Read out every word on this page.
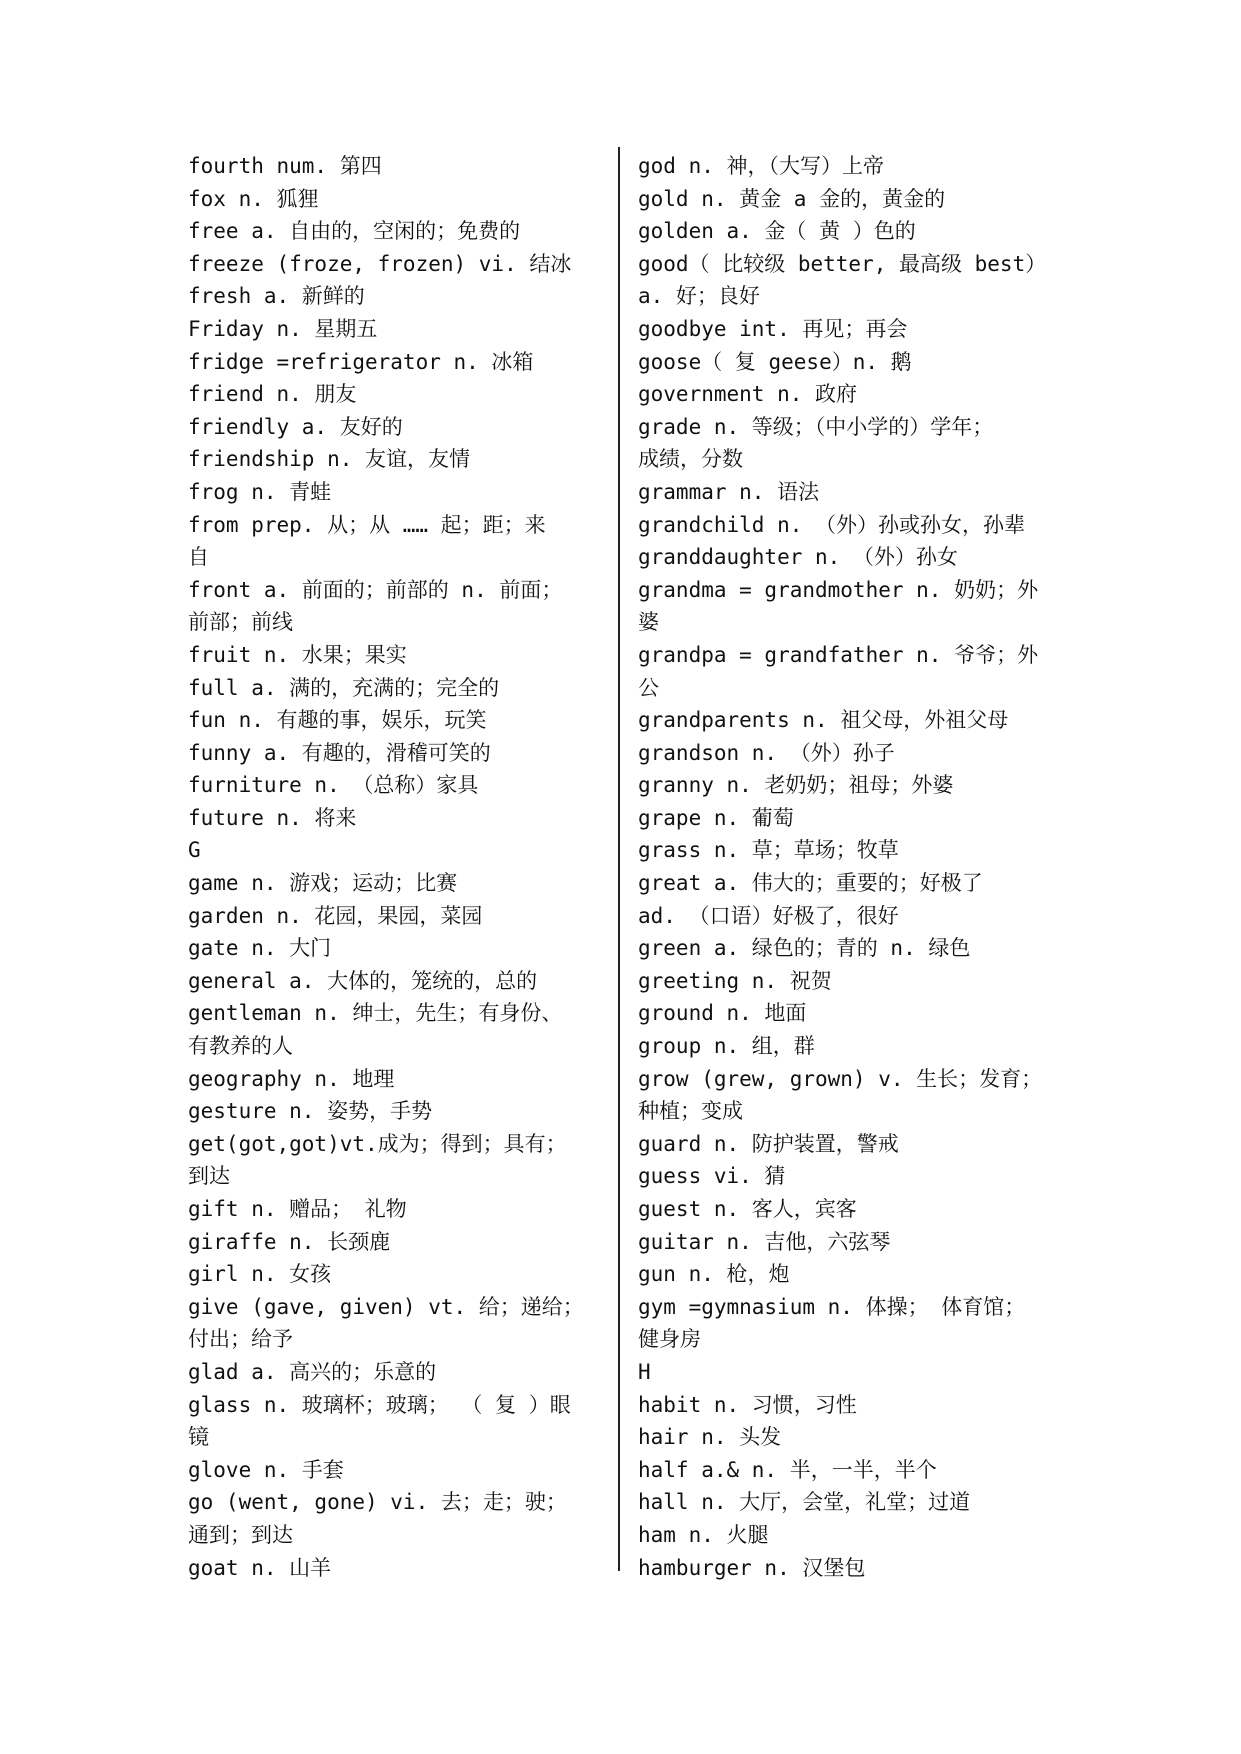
fourth num. 第四
fox n. 狐狸
free a. 自由的，空闲的；免费的
freeze (froze, frozen) vi. 结冰
fresh a. 新鲜的
Friday n. 星期五
fridge =refrigerator n. 冰箱
friend n. 朋友
friendly a. 友好的
friendship n. 友谊，友情
frog n. 青蛙
from prep. 从；从 …… 起；距；来
自
front a. 前面的；前部的 n. 前面；
前部；前线
fruit n. 水果；果实
full a. 满的，充满的；完全的
fun n. 有趣的事，娱乐，玩笑
funny a. 有趣的，滑稽可笑的
furniture n. （总称）家具
future n. 将来
G
game n. 游戏；运动；比赛
garden n. 花园，果园，菜园
gate n. 大门
general a. 大体的，笼统的，总的
gentleman n. 绅士，先生；有身份、
有教养的人
geography n. 地理
gesture n. 姿势，手势
get(got,got)vt.成为；得到；具有；
到达
gift n. 赠品； 礼物
giraffe n. 长颈鹿
girl n. 女孩
give (gave, given) vt. 给；递给；
付出；给予
glad a. 高兴的；乐意的
glass n. 玻璃杯；玻璃； （ 复 ）眼
镜
glove n. 手套
go (went, gone) vi. 去；走；驶；
通到；到达
goat n. 山羊
god n. 神，（大写）上帝
gold n. 黄金 a 金的，黄金的
golden a. 金（ 黄 ）色的
good（ 比较级 better, 最高级 best）
a. 好；良好
goodbye int. 再见；再会
goose（ 复 geese）n. 鹅
government n. 政府
grade n. 等级；（中小学的）学年；
成绩，分数
grammar n. 语法
grandchild n. （外）孙或孙女，孙辈
granddaughter n. （外）孙女
grandma = grandmother n. 奶奶；外
婆
grandpa = grandfather n. 爷爷；外
公
grandparents n. 祖父母，外祖父母
grandson n. （外）孙子
granny n. 老奶奶；祖母；外婆
grape n. 葡萄
grass n. 草；草场；牧草
great a. 伟大的；重要的；好极了
ad. （口语）好极了，很好
green a. 绿色的；青的 n. 绿色
greeting n. 祝贺
ground n. 地面
group n. 组，群
grow (grew, grown) v. 生长；发育；
种植；变成
guard n. 防护装置，警戒
guess vi. 猜
guest n. 客人，宾客
guitar n. 吉他，六弦琴
gun n. 枪，炮
gym =gymnasium n. 体操； 体育馆；
健身房
H
habit n. 习惯，习性
hair n. 头发
half a.& n. 半，一半，半个
hall n. 大厅，会堂，礼堂；过道
ham n. 火腿
hamburger n. 汉堡包
